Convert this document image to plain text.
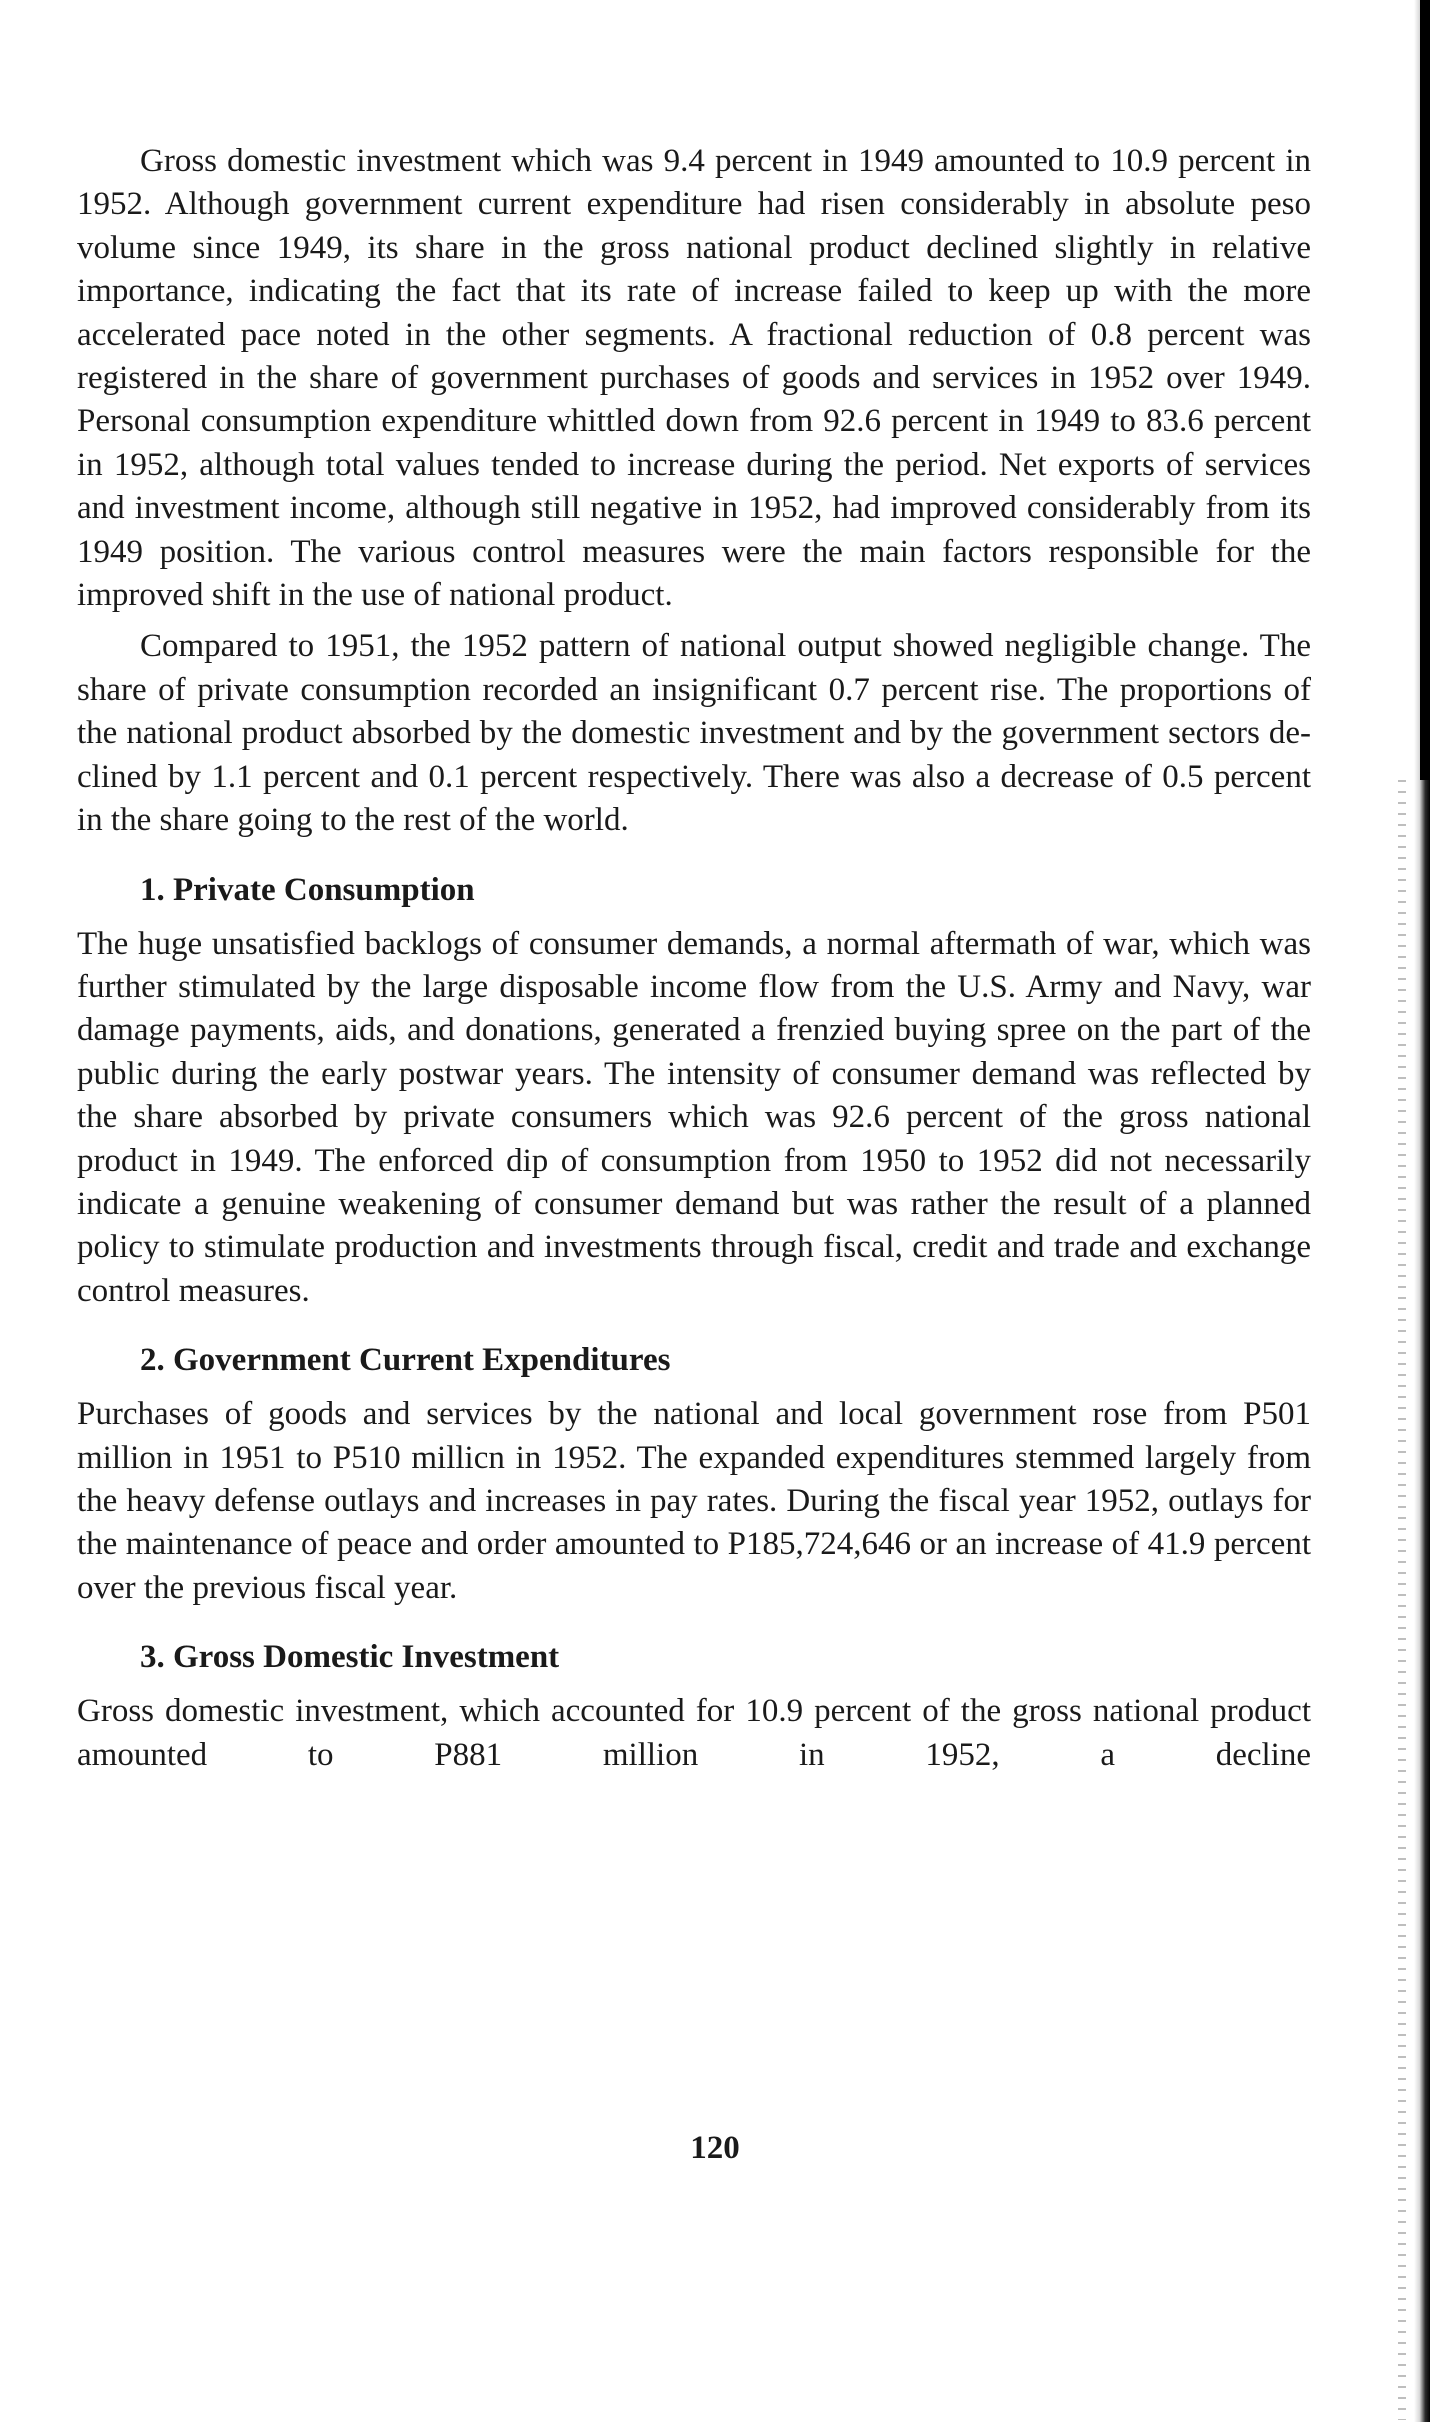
Gross domestic investment which was 9.4 percent in 1949 amounted to 10.9 percent in 1952. Although government current expenditure had risen considerably in absolute peso volume since 1949, its share in the gross national product declined slightly in relative importance, indicating the fact that its rate of increase failed to keep up with the more accelerated pace noted in the other segments. A fractional reduction of 0.8 percent was registered in the share of government purchases of goods and services in 1952 over 1949. Personal consumption expenditure whittled down from 92.6 percent in 1949 to 83.6 percent in 1952, although total values tended to increase during the period. Net exports of services and investment income, although still negative in 1952, had improved considerably from its 1949 position. The various control measures were the main factors responsible for the improved shift in the use of national product.

Compared to 1951, the 1952 pattern of national output showed negligible change. The share of private consumption recorded an insignificant 0.7 percent rise. The proportions of the national product absorbed by the domestic investment and by the government sectors declined by 1.1 percent and 0.1 percent respectively. There was also a decrease of 0.5 percent in the share going to the rest of the world.

1. Private Consumption

The huge unsatisfied backlogs of consumer demands, a normal aftermath of war, which was further stimulated by the large disposable income flow from the U.S. Army and Navy, war damage payments, aids, and donations, generated a frenzied buying spree on the part of the public during the early postwar years. The intensity of consumer demand was reflected by the share absorbed by private consumers which was 92.6 percent of the gross national product in 1949. The enforced dip of consumption from 1950 to 1952 did not necessarily indicate a genuine weakening of consumer demand but was rather the result of a planned policy to stimulate production and investments through fiscal, credit and trade and exchange control measures.

2. Government Current Expenditures

Purchases of goods and services by the national and local government rose from P501 million in 1951 to P510 millicn in 1952. The expanded expenditures stemmed largely from the heavy defense outlays and increases in pay rates. During the fiscal year 1952, outlays for the maintenance of peace and order amounted to P185,724,646 or an increase of 41.9 percent over the previous fiscal year.

3. Gross Domestic Investment

Gross domestic investment, which accounted for 10.9 percent of the gross national product amounted to P881 million in 1952, a decline

120
